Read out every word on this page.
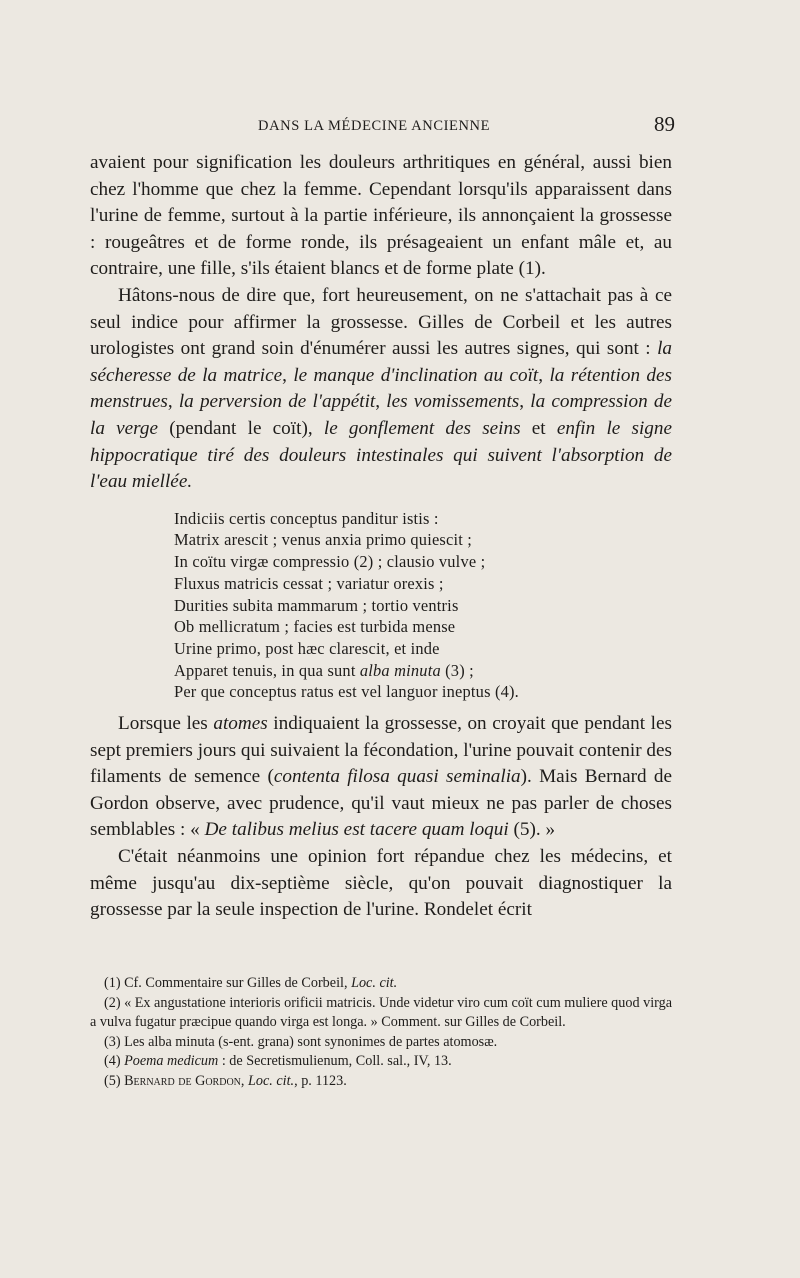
DANS LA MÉDECINE ANCIENNE	89

avaient pour signification les douleurs arthritiques en général, aussi bien chez l'homme que chez la femme. Cependant lorsqu'ils apparaissent dans l'urine de femme, surtout à la partie inférieure, ils annonçaient la grossesse : rougeâtres et de forme ronde, ils présageaient un enfant mâle et, au contraire, une fille, s'ils étaient blancs et de forme plate (1).

Hâtons-nous de dire que, fort heureusement, on ne s'attachait pas à ce seul indice pour affirmer la grossesse. Gilles de Corbeil et les autres urologistes ont grand soin d'énumérer aussi les autres signes, qui sont : la sécheresse de la matrice, le manque d'inclination au coït, la rétention des menstrues, la perversion de l'appétit, les vomissements, la compression de la verge (pendant le coït), le gonflement des seins et enfin le signe hippocratique tiré des douleurs intestinales qui suivent l'absorption de l'eau miellée.

Indiciis certis conceptus panditur istis :
Matrix arescit ; venus anxia primo quiescit ;
In coïtu virgæ compressio (2) ; clausio vulve ;
Fluxus matricis cessat ; variatur orexis ;
Durities subita mammarum ; tortio ventris
Ob mellicratum ; facies est turbida mense
Urine primo, post hæc clarescit, et inde
Apparet tenuis, in qua sunt alba minuta (3) ;
Per que conceptus ratus est vel languor ineptus (4).

Lorsque les atomes indiquaient la grossesse, on croyait que pendant les sept premiers jours qui suivaient la fécondation, l'urine pouvait contenir des filaments de semence (contenta filosa quasi seminalia). Mais Bernard de Gordon observe, avec prudence, qu'il vaut mieux ne pas parler de choses semblables : « De talibus melius est tacere quam loqui (5). »

C'était néanmoins une opinion fort répandue chez les médecins, et même jusqu'au dix-septième siècle, qu'on pouvait diagnostiquer la grossesse par la seule inspection de l'urine. Rondelet écrit

(1) Cf. Commentaire sur Gilles de Corbeil, Loc. cit.

(2) « Ex angustatione interioris orificii matricis. Unde videtur viro cum coït cum muliere quod virga a vulva fugatur præcipue quando virga est longa. » Comment. sur Gilles de Corbeil.

(3) Les alba minuta (s-ent. grana) sont synonimes de partes atomosæ.

(4) Poema medicum : de Secretismulienum, Coll. sal., IV, 13.

(5) Bernard de Gordon, Loc. cit., p. 1123.
